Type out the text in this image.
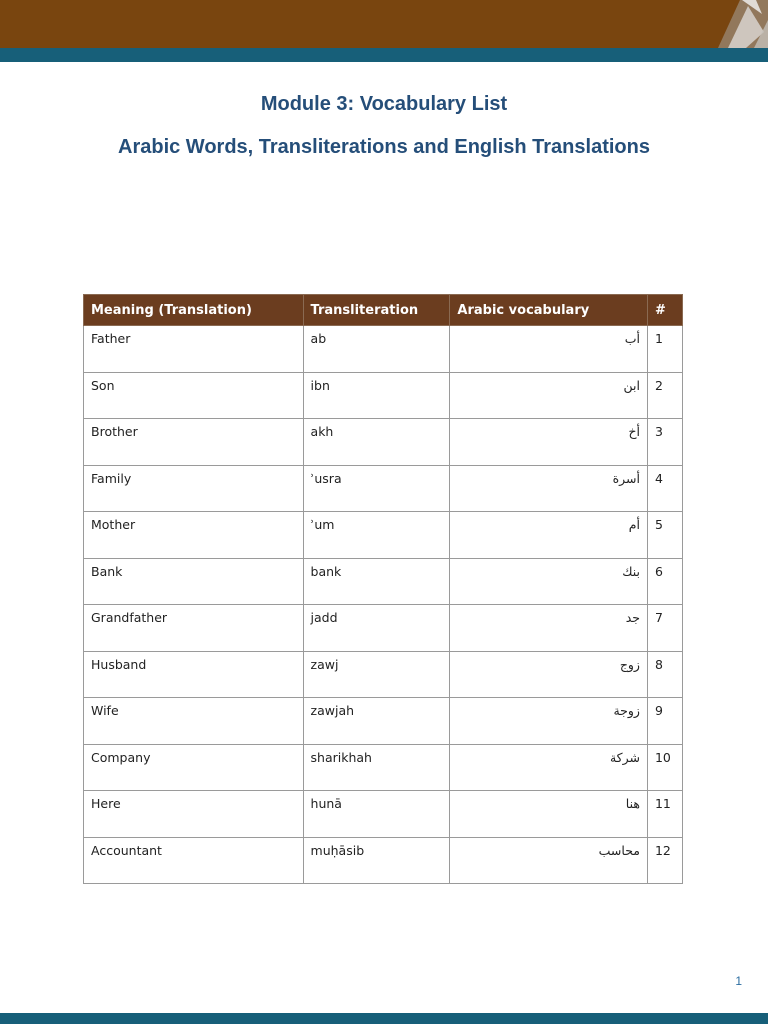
Module 3: Vocabulary List
Arabic Words, Transliterations and English Translations
Meaning (Translation)	Transliteration	Arabic vocabulary	#
Father	ab	أب	1
Son	ibn	ابن	2
Brother	akh	أخ	3
Family	ʾusra	أسرة	4
Mother	ʾum	أم	5
Bank	bank	بنك	6
Grandfather	jadd	جد	7
Husband	zawj	زوج	8
Wife	zawjah	زوجة	9
Company	sharikhah	شركة	10
Here	hunā	هنا	11
Accountant	muḥāsib	محاسب	12
1
